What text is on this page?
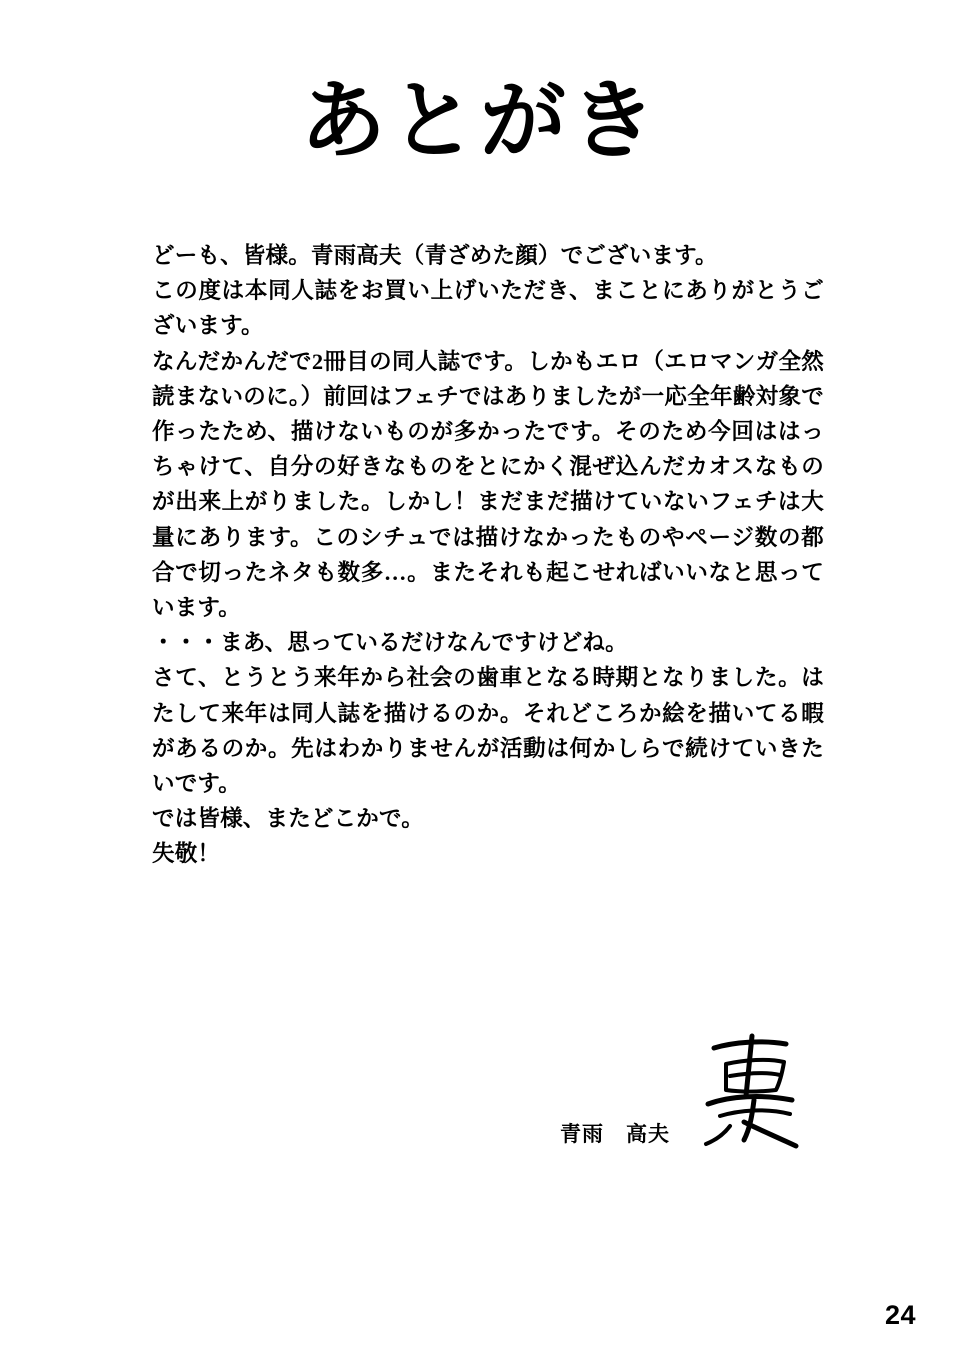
あとがき

どーも、皆様。青雨高夫（青ざめた顔）でございます。

この度は本同人誌をお買い上げいただき、まことにありがとうございます。

なんだかんだで2冊目の同人誌です。しかもエロ（エロマンガ全然読まないのに。）前回はフェチではありましたが一応全年齢対象で作ったため、描けないものが多かったです。そのため今回ははっちゃけて、自分の好きなものをとにかく混ぜ込んだカオスなものが出来上がりました。しかし！まだまだ描けていないフェチは大量にあります。このシチュでは描けなかったものやページ数の都合で切ったネタも数多…。またそれも起こせればいいなと思っています。

・・・まあ、思っているだけなんですけどね。

さて、とうとう来年から社会の歯車となる時期となりました。はたして来年は同人誌を描けるのか。それどころか絵を描いてる暇があるのか。先はわかりませんが活動は何かしらで続けていきたいです。

では皆様、またどこかで。

失敬！

青雨　高夫
24
